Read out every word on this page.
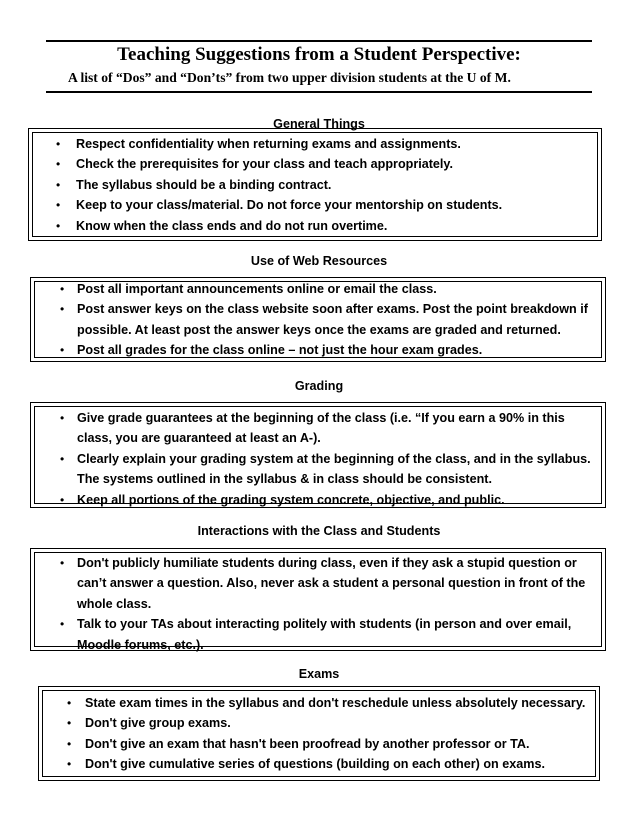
Teaching Suggestions from a Student Perspective:
A list of “Dos” and “Don’ts” from two upper division students at the U of M.
General Things
• Respect confidentiality when returning exams and assignments.
• Check the prerequisites for your class and teach appropriately.
• The syllabus should be a binding contract.
• Keep to your class/material. Do not force your mentorship on students.
• Know when the class ends and do not run overtime.
Use of Web Resources
• Post all important announcements online or email the class.
• Post answer keys on the class website soon after exams. Post the point breakdown if
possible. At least post the answer keys once the exams are graded and returned.
• Post all grades for the class online – not just the hour exam grades.
Grading
• Give grade guarantees at the beginning of the class (i.e. “If you earn a 90% in this
class, you are guaranteed at least an A-).
• Clearly explain your grading system at the beginning of the class, and in the syllabus.
The systems outlined in the syllabus & in class should be consistent.
• Keep all portions of the grading system concrete, objective, and public.
Interactions with the Class and Students
• Don't publicly humiliate students during class, even if they ask a stupid question or
can’t answer a question. Also, never ask a student a personal question in front of the
whole class.
• Talk to your TAs about interacting politely with students (in person and over email,
Moodle forums, etc.).
Exams
• State exam times in the syllabus and don't reschedule unless absolutely necessary.
• Don't give group exams.
• Don't give an exam that hasn't been proofread by another professor or TA.
• Don't give cumulative series of questions (building on each other) on exams.
